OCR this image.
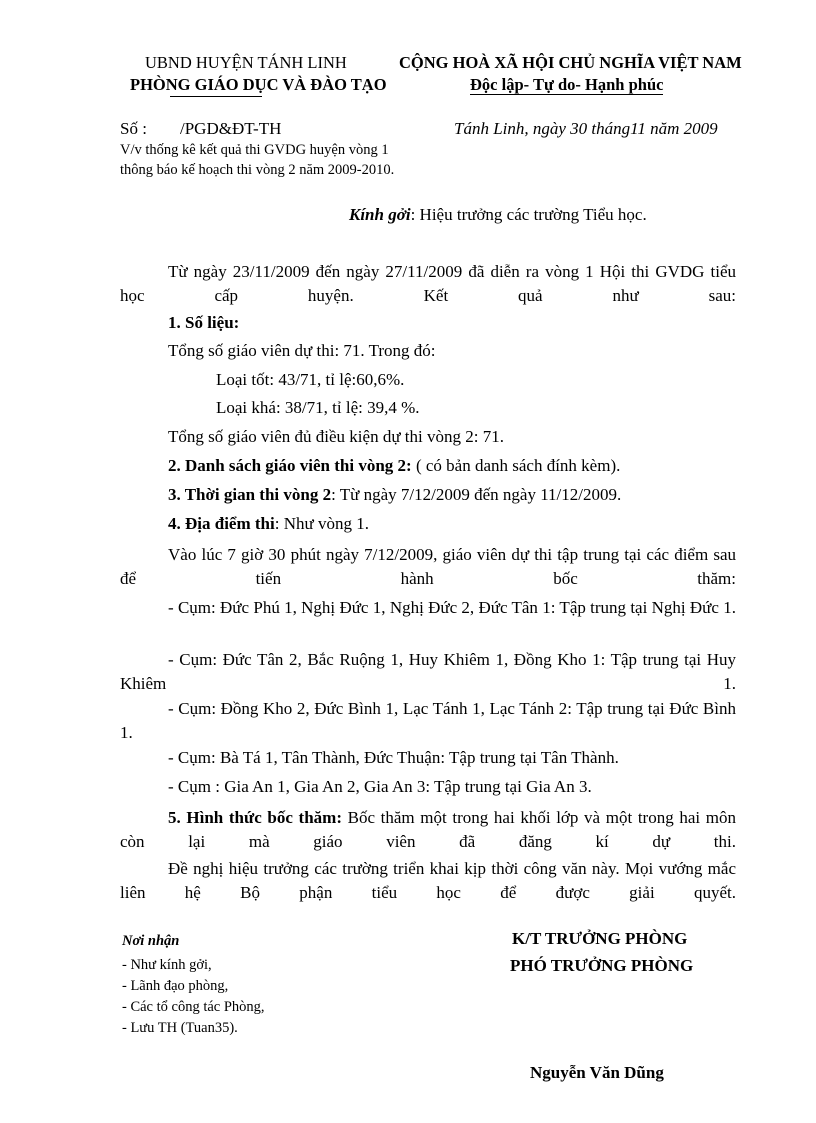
UBND HUYỆN TÁNH LINH
PHÒNG GIÁO DỤC VÀ ĐÀO TẠO
CỘNG HOÀ XÃ HỘI CHỦ NGHĨA VIỆT NAM
Độc lập- Tự do- Hạnh phúc
Số : /PGD&ĐT-TH
V/v thống kê kết quả thi GVDG huyện vòng 1
thông báo kế hoạch thi vòng 2 năm 2009-2010.
Tánh Linh, ngày 30 tháng11 năm 2009
Kính gởi: Hiệu trưởng các trường Tiểu học.
Từ ngày 23/11/2009 đến ngày 27/11/2009 đã diễn ra vòng 1 Hội thi GVDG tiểu học cấp huyện. Kết quả như sau:
1. Số liệu:
Tổng số giáo viên dự thi: 71. Trong đó:
Loại tốt: 43/71, tỉ lệ:60,6%.
Loại khá: 38/71, tỉ lệ: 39,4 %.
Tổng số giáo viên đủ điều kiện dự thi vòng 2: 71.
2. Danh sách giáo viên thi vòng 2: ( có bản danh sách đính kèm).
3. Thời gian thi vòng 2: Từ ngày 7/12/2009 đến ngày 11/12/2009.
4. Địa điểm thi: Như vòng 1.
Vào lúc 7 giờ 30 phút ngày 7/12/2009, giáo viên dự thi tập trung tại các điểm sau để tiến hành bốc thăm:
- Cụm: Đức Phú 1, Nghị Đức 1, Nghị Đức 2, Đức Tân 1: Tập trung tại Nghị Đức 1.
- Cụm: Đức Tân 2, Bắc Ruộng 1, Huy Khiêm 1, Đồng Kho 1: Tập trung tại Huy Khiêm 1.
- Cụm: Đồng Kho 2, Đức Bình 1, Lạc Tánh 1, Lạc Tánh 2: Tập trung tại Đức Bình 1.
- Cụm: Bà Tá 1, Tân Thành, Đức Thuận: Tập trung tại Tân Thành.
- Cụm : Gia An 1, Gia An 2, Gia An 3: Tập trung tại Gia An 3.
5. Hình thức bốc thăm: Bốc thăm một trong hai khối lớp và một trong hai môn còn lại mà giáo viên đã đăng kí dự thi.
Đề nghị hiệu trưởng các trường triển khai kịp thời công văn này. Mọi vướng mắc liên hệ Bộ phận tiểu học để được giải quyết.
Nơi nhận
- Như kính gởi,
- Lãnh đạo phòng,
- Các tổ công tác Phòng,
- Lưu TH (Tuan35).
K/T TRƯỞNG PHÒNG
PHÓ TRƯỞNG PHÒNG
Nguyễn Văn Dũng
